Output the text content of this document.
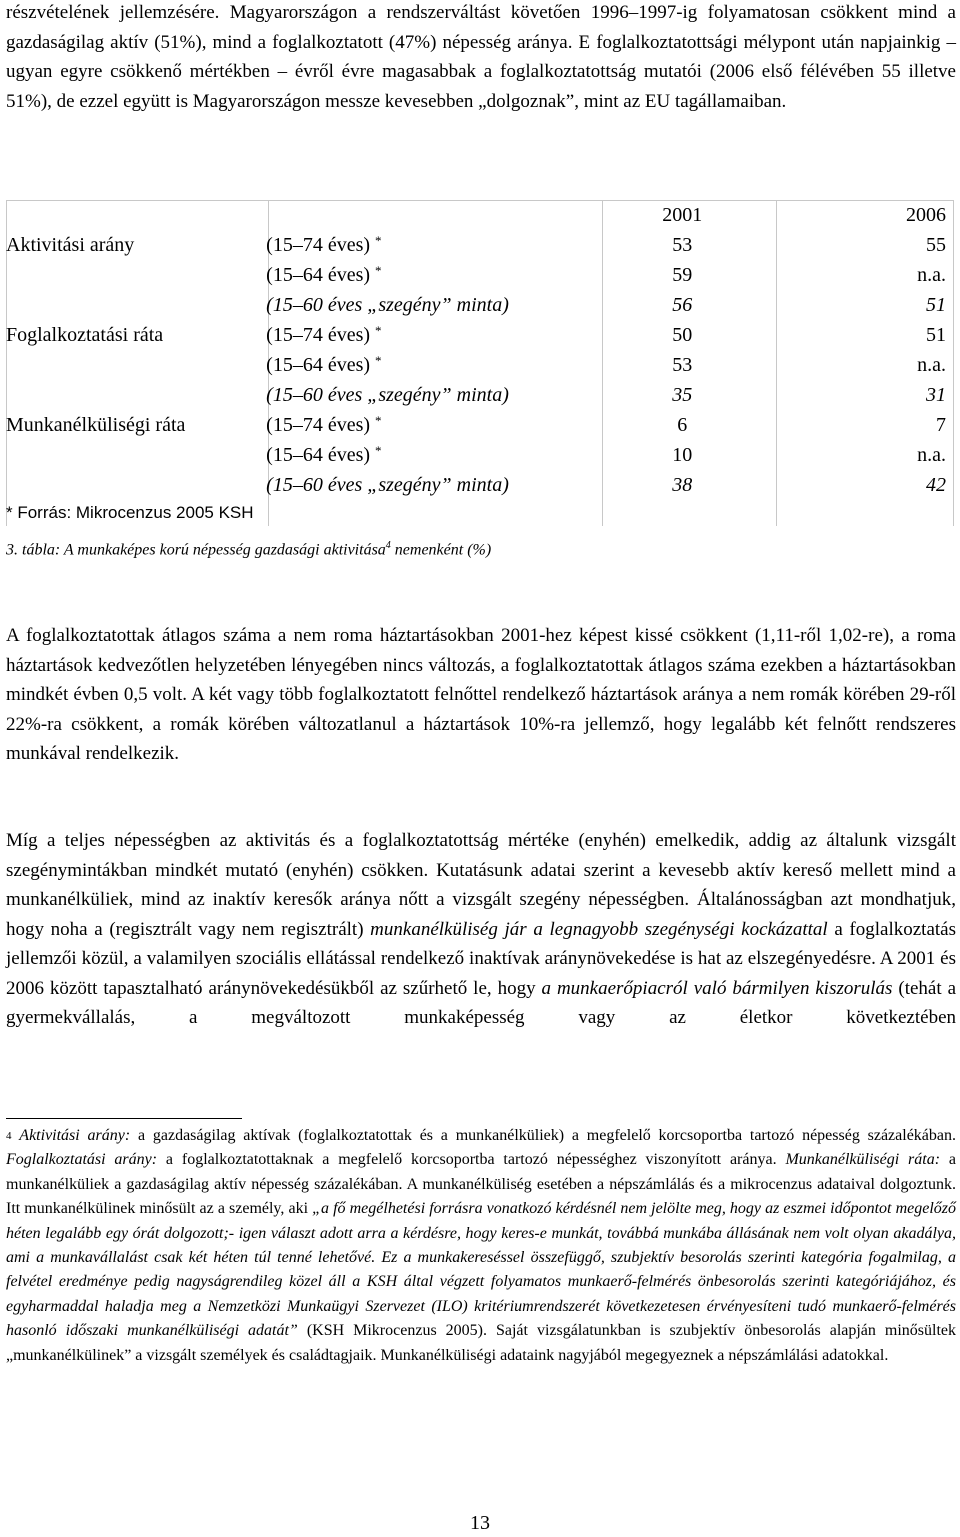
részvételének jellemzésére. Magyarországon a rendszerváltást követően 1996–1997-ig folyamatosan csökkent mind a gazdaságilag aktív (51%), mind a foglalkoztatott (47%) népesség aránya. E foglalkoztatottsági mélypont után napjainkig – ugyan egyre csökkenő mértékben – évről évre magasabbak a foglalkoztatottság mutatói (2006 első félévében 55 illetve 51%), de ezzel együtt is Magyarországon messze kevesebben „dolgoznak”, mint az EU tagállamaiban.

		2001	2006
Aktivitási arány	(15–74 éves) *	53	55
	(15–64 éves) *	59	n.a.
	(15–60 éves „szegény” minta)	56	51
Foglalkoztatási ráta	(15–74 éves) *	50	51
	(15–64 éves) *	53	n.a.
	(15–60 éves „szegény” minta)	35	31
Munkanélküliségi ráta	(15–74 éves) *	6	7
	(15–64 éves) *	10	n.a.
	(15–60 éves „szegény” minta)	38	42
* Forrás: Mikrocenzus 2005 KSH
3. tábla: A munkaképes korú népesség gazdasági aktivitása$^4$ nemenként (%)

A foglalkoztatottak átlagos száma a nem roma háztartásokban 2001-hez képest kissé csökkent (1,11-ről 1,02-re), a roma háztartások kedvezőtlen helyzetében lényegében nincs változás, a foglalkoztatottak átlagos száma ezekben a háztartásokban mindkét évben 0,5 volt. A két vagy több foglalkoztatott felnőttel rendelkező háztartások aránya a nem romák körében 29-ről 22%-ra csökkent, a romák körében változatlanul a háztartások 10%-ra jellemző, hogy legalább két felnőtt rendszeres munkával rendelkezik.

Míg a teljes népességben az aktivitás és a foglalkoztatottság mértéke (enyhén) emelkedik, addig az általunk vizsgált szegénymintákban mindkét mutató (enyhén) csökken. Kutatásunk adatai szerint a kevesebb aktív kereső mellett mind a munkanélküliek, mind az inaktív keresők aránya nőtt a vizsgált szegény népességben. Általánosságban azt mondhatjuk, hogy noha a (regisztrált vagy nem regisztrált) munkanélküliség jár a legnagyobb szegénységi kockázattal a foglalkoztatás jellemzői közül, a valamilyen szociális ellátással rendelkező inaktívak aránynövekedése is hat az elszegényedésre. A 2001 és 2006 között tapasztalható aránynövekedésükből az szűrhető le, hogy a munkaerőpiacról való bármilyen kiszorulás (tehát a gyermekvállalás, a megváltozott munkaképesség vagy az életkor következtében

$^4$ Aktivitási arány: a gazdaságilag aktívak (foglalkoztatottak és a munkanélküliek) a megfelelő korcsoportba tartozó népesség százalékában. Foglalkoztatási arány: a foglalkoztatottaknak a megfelelő korcsoportba tartozó népességhez viszonyított aránya. Munkanélküliségi ráta: a munkanélküliek a gazdaságilag aktív népesség százalékában. A munkanélküliség esetében a népszámlálás és a mikrocenzus adataival dolgoztunk. Itt munkanélkülinek minősült az a személy, aki „a fő megélhetési forrásra vonatkozó kérdésnél nem jelölte meg, hogy az eszmei időpontot megelőző héten legalább egy órát dolgozott;- igen választ adott arra a kérdésre, hogy keres-e munkát, továbbá munkába állásának nem volt olyan akadálya, ami a munkavállalást csak két héten túl tenné lehetővé. Ez a munkakereséssel összefüggő, szubjektív besorolás szerinti kategória fogalmilag, a felvétel eredménye pedig nagyságrendileg közel áll a KSH által végzett folyamatos munkaerő-felmérés önbesorolás szerinti kategóriájához, és egyharmaddal haladja meg a Nemzetközi Munkaügyi Szervezet (ILO) kritériumrendszerét következetesen érvényesíteni tudó munkaerő-felmérés hasonló időszaki munkanélküliségi adatát” (KSH Mikrocenzus 2005). Saját vizsgálatunkban is szubjektív önbesorolás alapján minősültek „munkanélkülinek” a vizsgált személyek és családtagjaik. Munkanélküliségi adataink nagyjából megegyeznek a népszámlálási adatokkal.

13
